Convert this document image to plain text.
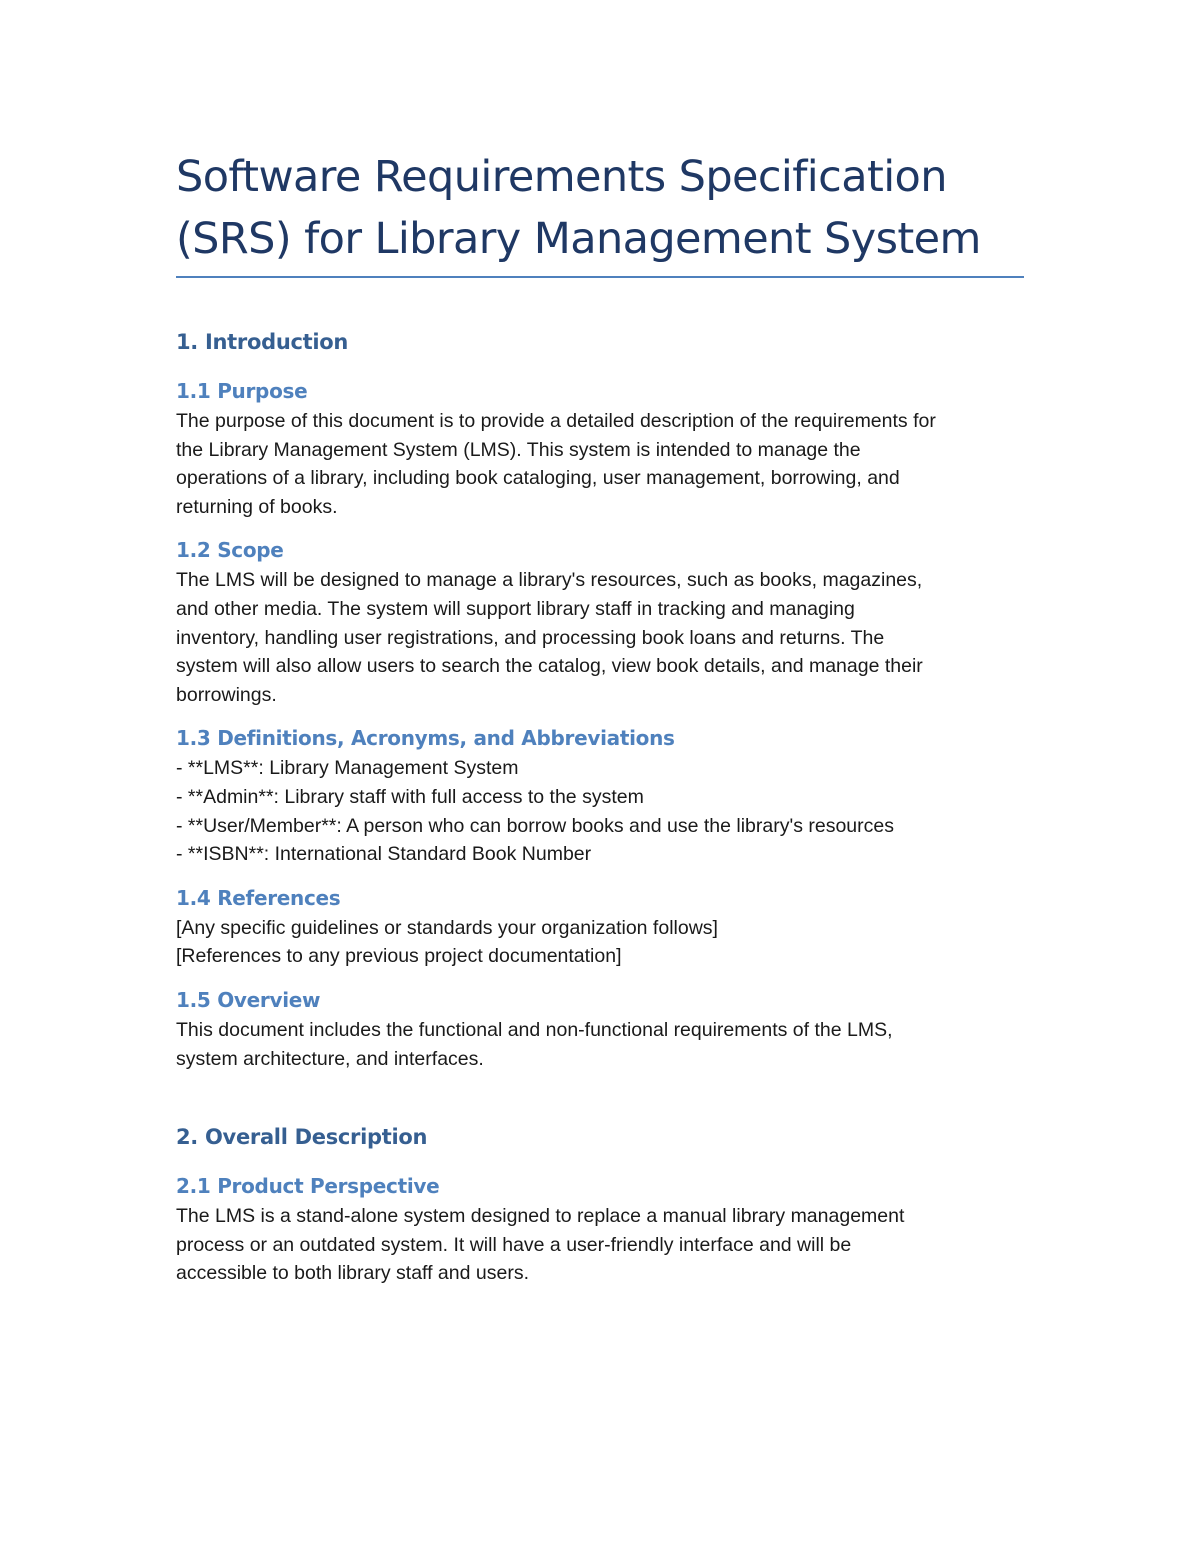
Software Requirements Specification
(SRS) for Library Management System
1. Introduction
1.1 Purpose

The purpose of this document is to provide a detailed description of the requirements for
the Library Management System (LMS). This system is intended to manage the
operations of a library, including book cataloging, user management, borrowing, and
returning of books.

1.2 Scope

The LMS will be designed to manage a library's resources, such as books, magazines,
and other media. The system will support library staff in tracking and managing
inventory, handling user registrations, and processing book loans and returns. The
system will also allow users to search the catalog, view book details, and manage their
borrowings.

1.3 Definitions, Acronyms, and Abbreviations

- **LMS**: Library Management System
- **Admin**: Library staff with full access to the system
- **User/Member**: A person who can borrow books and use the library's resources
- **ISBN**: International Standard Book Number

1.4 References

[Any specific guidelines or standards your organization follows]
[References to any previous project documentation]

1.5 Overview

This document includes the functional and non-functional requirements of the LMS,
system architecture, and interfaces.

2. Overall Description
2.1 Product Perspective

The LMS is a stand-alone system designed to replace a manual library management
process or an outdated system. It will have a user-friendly interface and will be
accessible to both library staff and users.
